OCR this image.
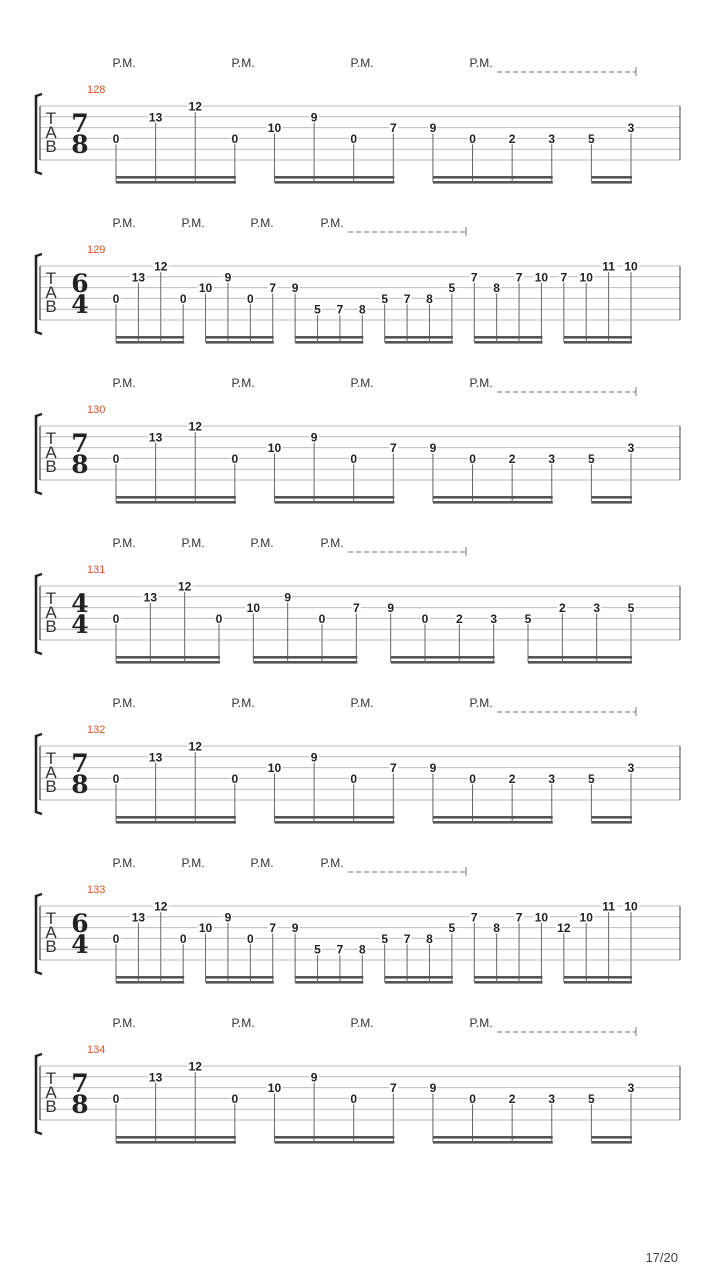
P.M.	P.M.	P.M.	P.M.
128
T
A
B
7
8 0
13
12
0
10
9
0
7	9
0	2	3	5
3
P.M.	P.M.	P.M.	P.M.
129
T
A
B
6
4 0
13
12
0
10
9
0
7 9
5 7 8
5 7 8
5
7
8
7 10 7 10
11 10
P.M.	P.M.	P.M.	P.M.
130
T
A
B
7
8 0
13
12
0
10
9
0
7	9
0	2	3	5
3
P.M.	P.M.	P.M.	P.M.
131
T
A
B
4
4 0
13
12
0
10
9
0
7 9
0 2 3 5
2 3 5
P.M.	P.M.	P.M.	P.M.
132
T
A
B
7
8 0
13
12
0
10
9
0
7	9
0	2	3	5
3
P.M.	P.M.	P.M.	P.M.
133
T
A
B
6
4 0
13
12
0
10
9
0
7 9
5 7 8
5 7 8
5
7
8
7 10
12
10
11 10
P.M.	P.M.	P.M.	P.M.
134
T
A
B
7
8 0
13
12
0
10
9
0
7	9
0	2	3	5
3
17/20
